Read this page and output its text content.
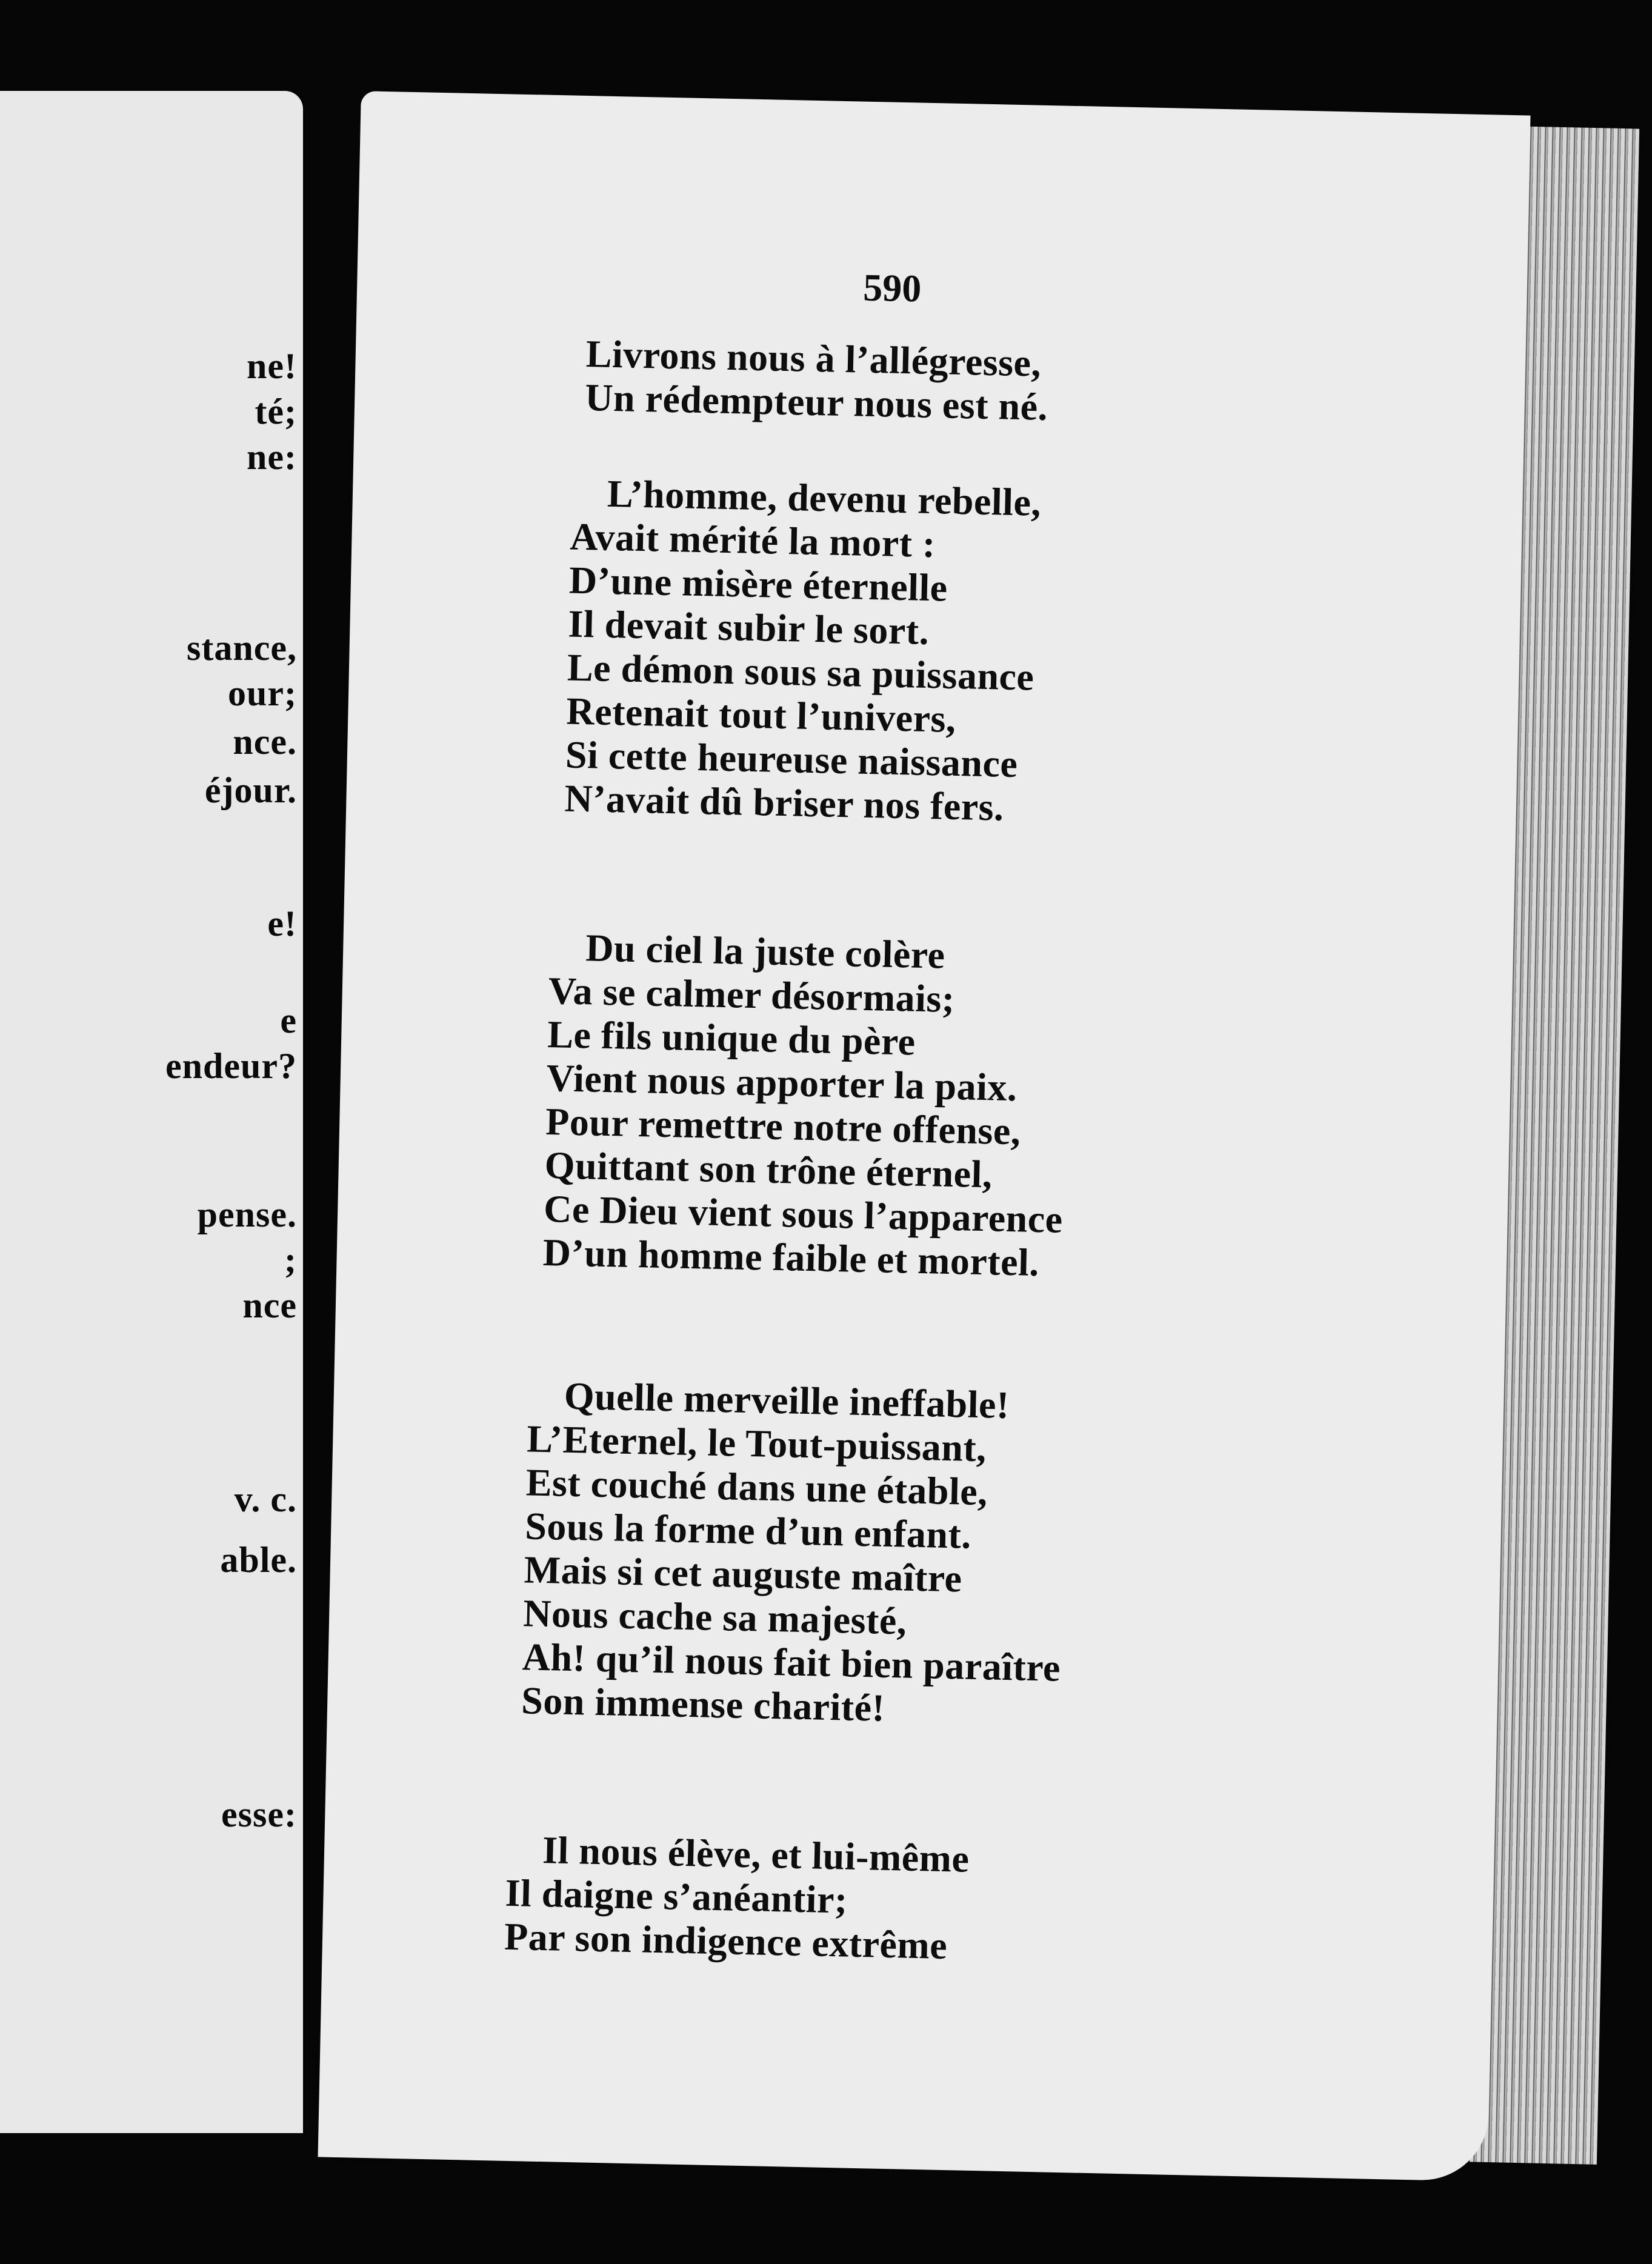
ne!
té;
ne:
stance,
our;
nce.
éjour.
e!
e
endeur?
pense.
;
nce
v. c.
able.
esse:
590
Livrons nous à l’allégresse,
Un rédempteur nous est né.
L’homme, devenu rebelle,
Avait mérité la mort :
D’une misère éternelle
Il devait subir le sort.
Le démon sous sa puissance
Retenait tout l’univers,
Si cette heureuse naissance
N’avait dû briser nos fers.
Du ciel la juste colère
Va se calmer désormais;
Le fils unique du père
Vient nous apporter la paix.
Pour remettre notre offense,
Quittant son trône éternel,
Ce Dieu vient sous l’apparence
D’un homme faible et mortel.
Quelle merveille ineffable!
L’Eternel, le Tout-puissant,
Est couché dans une étable,
Sous la forme d’un enfant.
Mais si cet auguste maître
Nous cache sa majesté,
Ah! qu’il nous fait bien paraître
Son immense charité!
Il nous élève, et lui-même
Il daigne s’anéantir;
Par son indigence extrême
